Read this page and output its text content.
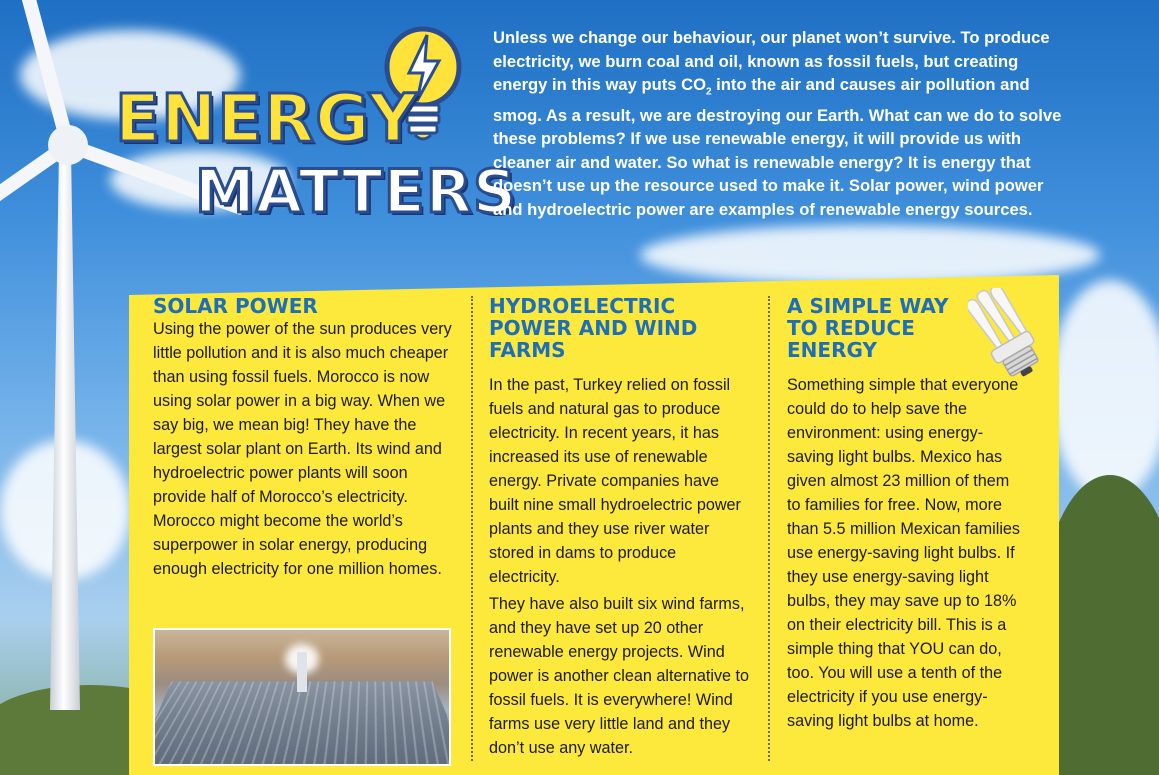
ENERGY
MATTERS
Unless we change our behaviour, our planet won’t survive. To produce electricity, we burn coal and oil, known as fossil fuels, but creating energy in this way puts $CO_2$ into the air and causes air pollution and smog. As a result, we are destroying our Earth. What can we do to solve these problems? If we use renewable energy, it will provide us with cleaner air and water. So what is renewable energy? It is energy that doesn’t use up the resource used to make it. Solar power, wind power and hydroelectric power are examples of renewable energy sources.
SOLAR POWER

Using the power of the sun produces very little pollution and it is also much cheaper than using fossil fuels. Morocco is now using solar power in a big way. When we say big, we mean big! They have the largest solar plant on Earth. Its wind and hydroelectric power plants will soon provide half of Morocco’s electricity. Morocco might become the world’s superpower in solar energy, producing enough electricity for one million homes.

HYDROELECTRIC POWER AND WIND FARMS

In the past, Turkey relied on fossil fuels and natural gas to produce electricity. In recent years, it has increased its use of renewable energy. Private companies have built nine small hydroelectric power plants and they use river water stored in dams to produce electricity.

They have also built six wind farms, and they have set up 20 other renewable energy projects. Wind power is another clean alternative to fossil fuels. It is everywhere! Wind farms use very little land and they don’t use any water.

A SIMPLE WAY TO REDUCE ENERGY

Something simple that everyone could do to help save the environment: using energy-saving light bulbs. Mexico has given almost 23 million of them to families for free. Now, more than 5.5 million Mexican families use energy-saving light bulbs. If they use energy-saving light bulbs, they may save up to 18% on their electricity bill. This is a simple thing that YOU can do, too. You will use a tenth of the electricity if you use energy-saving light bulbs at home.
